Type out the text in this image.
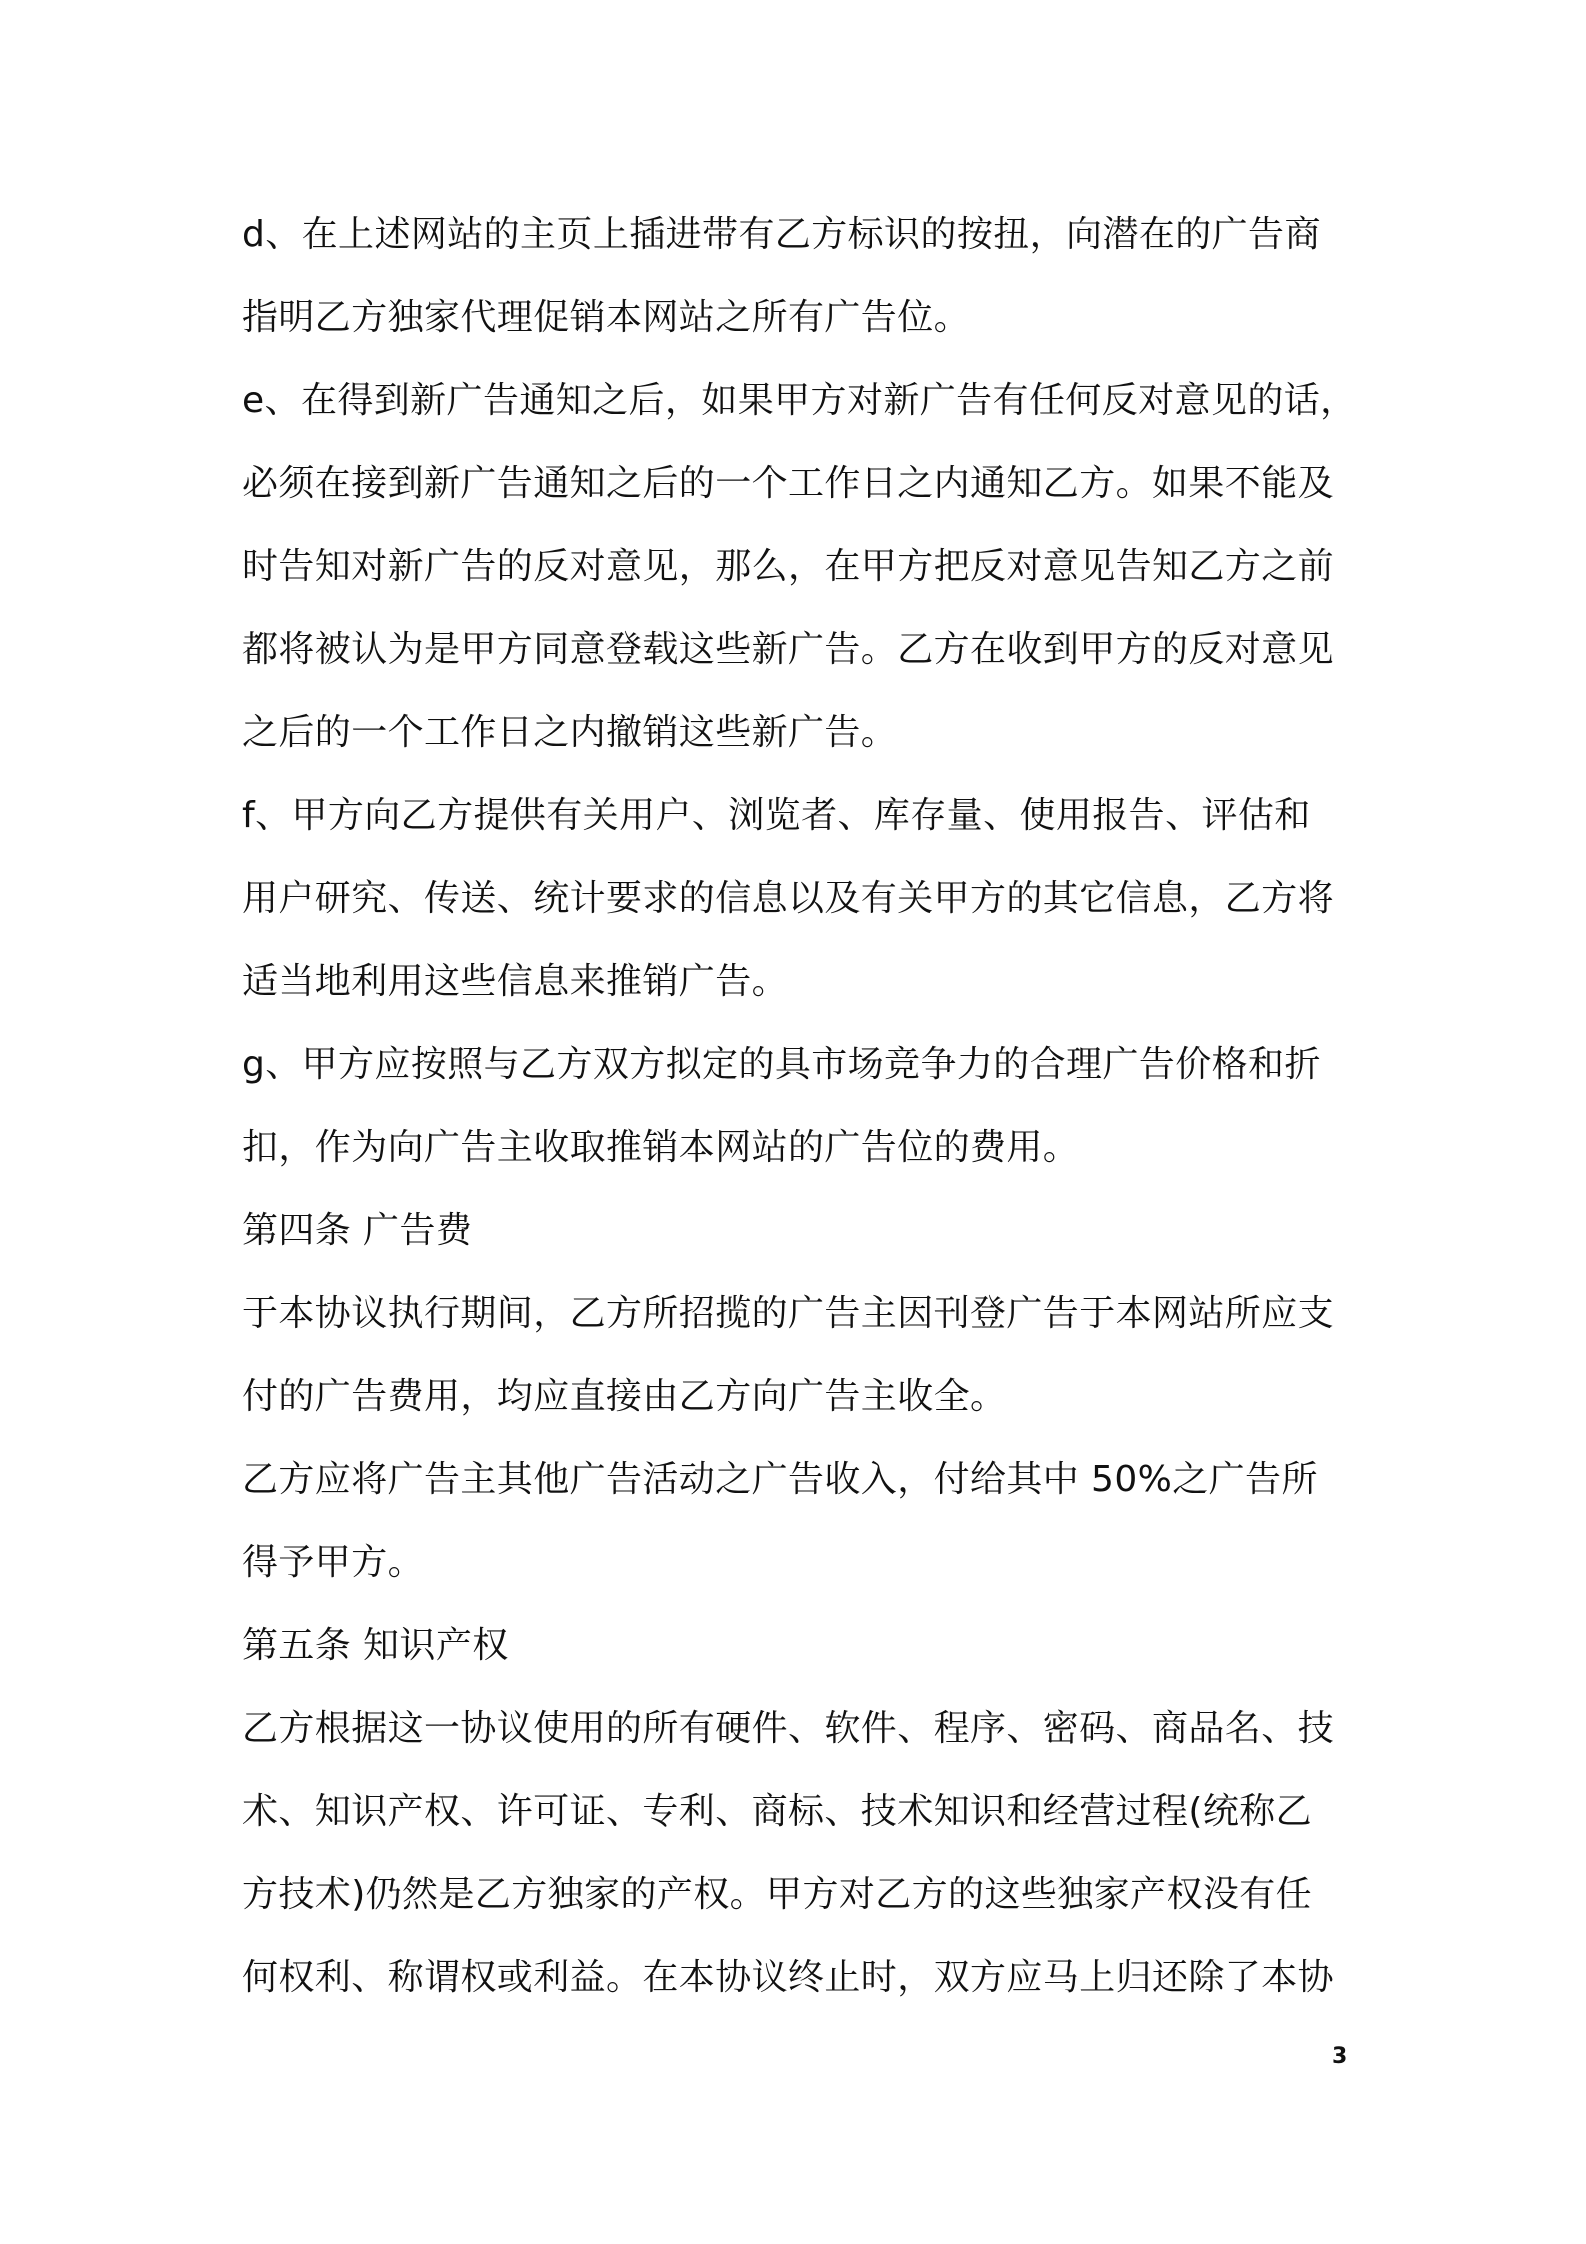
d、在上述网站的主页上插进带有乙方标识的按扭，向潜在的广告商
指明乙方独家代理促销本网站之所有广告位。
e、在得到新广告通知之后，如果甲方对新广告有任何反对意见的话，
必须在接到新广告通知之后的一个工作日之内通知乙方。如果不能及
时告知对新广告的反对意见，那么，在甲方把反对意见告知乙方之前
都将被认为是甲方同意登载这些新广告。乙方在收到甲方的反对意见
之后的一个工作日之内撤销这些新广告。
f、甲方向乙方提供有关用户、浏览者、库存量、使用报告、评估和
用户研究、传送、统计要求的信息以及有关甲方的其它信息，乙方将
适当地利用这些信息来推销广告。
g、甲方应按照与乙方双方拟定的具市场竞争力的合理广告价格和折
扣，作为向广告主收取推销本网站的广告位的费用。
第四条 广告费
于本协议执行期间，乙方所招揽的广告主因刊登广告于本网站所应支
付的广告费用，均应直接由乙方向广告主收全。
乙方应将广告主其他广告活动之广告收入，付给其中 50%之广告所
得予甲方。
第五条 知识产权
乙方根据这一协议使用的所有硬件、软件、程序、密码、商品名、技
术、知识产权、许可证、专利、商标、技术知识和经营过程(统称乙
方技术)仍然是乙方独家的产权。甲方对乙方的这些独家产权没有任
何权利、称谓权或利益。在本协议终止时，双方应马上归还除了本协
3
